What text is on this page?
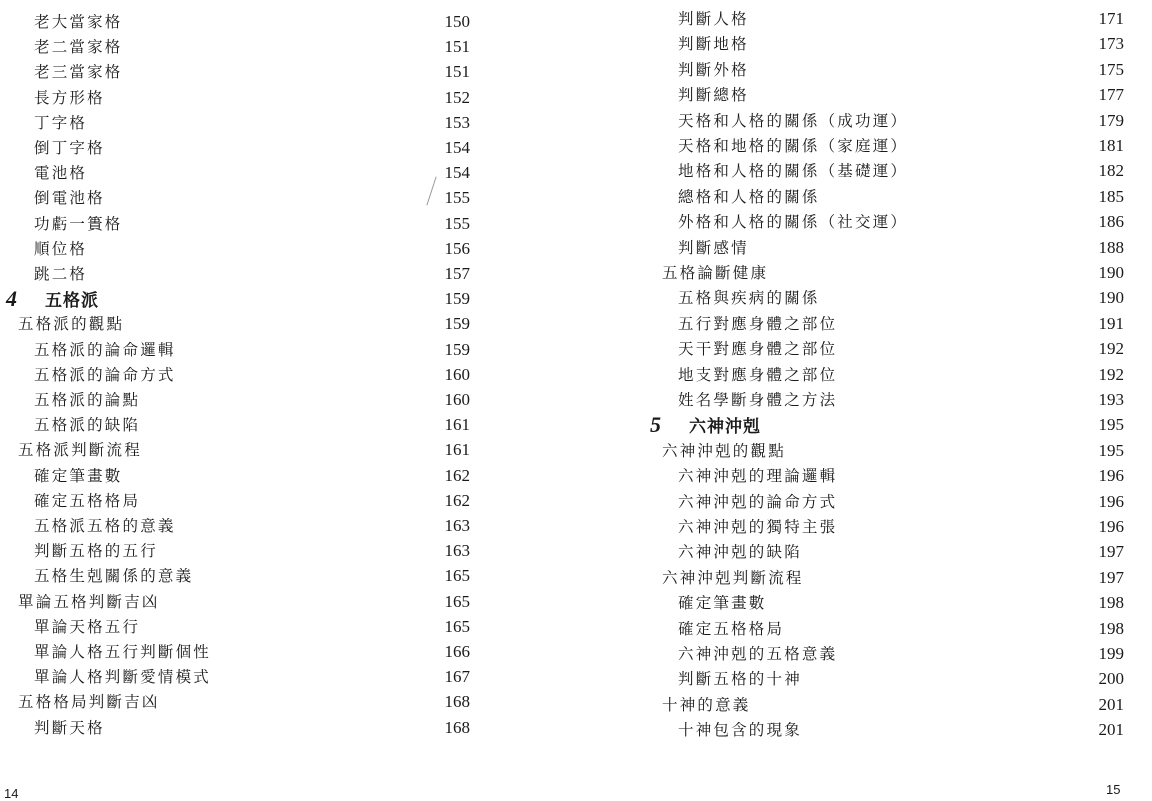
老大當家格	150
老二當家格	151
老三當家格	151
長方形格	152
丁字格	153
倒丁字格	154
電池格	154
倒電池格	155
功虧一簣格	155
順位格	156
跳二格	157
4 五格派	159
五格派的觀點	159
五格派的論命邏輯	159
五格派的論命方式	160
五格派的論點	160
五格派的缺陷	161
五格派判斷流程	161
確定筆畫數	162
確定五格格局	162
五格派五格的意義	163
判斷五格的五行	163
五格生剋關係的意義	165
單論五格判斷吉凶	165
單論天格五行	165
單論人格五行判斷個性	166
單論人格判斷愛情模式	167
五格格局判斷吉凶	168
判斷天格	168
14
判斷人格	171
判斷地格	173
判斷外格	175
判斷總格	177
天格和人格的關係（成功運）	179
天格和地格的關係（家庭運）	181
地格和人格的關係（基礎運）	182
總格和人格的關係	185
外格和人格的關係（社交運）	186
判斷感情	188
五格論斷健康	190
五格與疾病的關係	190
五行對應身體之部位	191
天干對應身體之部位	192
地支對應身體之部位	192
姓名學斷身體之方法	193
5 六神沖剋	195
六神沖剋的觀點	195
六神沖剋的理論邏輯	196
六神沖剋的論命方式	196
六神沖剋的獨特主張	196
六神沖剋的缺陷	197
六神沖剋判斷流程	197
確定筆畫數	198
確定五格格局	198
六神沖剋的五格意義	199
判斷五格的十神	200
十神的意義	201
十神包含的現象	201
15
